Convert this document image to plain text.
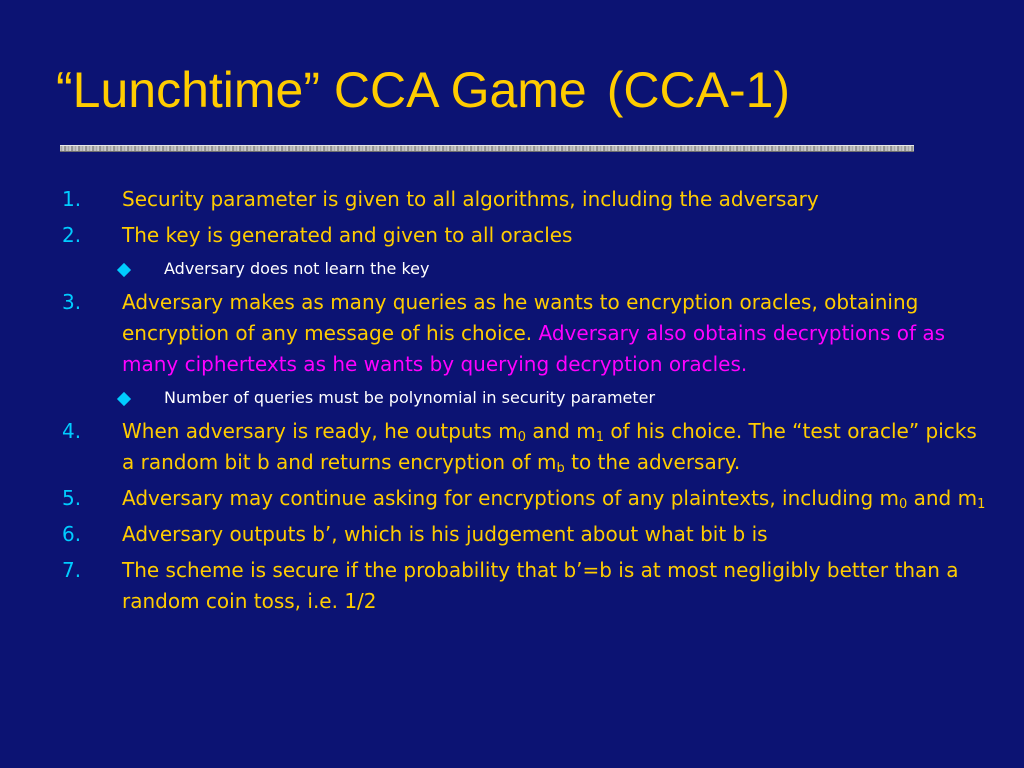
“Lunchtime” CCA Game (CCA-1)
1. Security parameter is given to all algorithms, including the adversary
2. The key is generated and given to all oracles
Adversary does not learn the key
3. Adversary makes as many queries as he wants to encryption oracles, obtaining encryption of any message of his choice. Adversary also obtains decryptions of as many ciphertexts as he wants by querying decryption oracles.
Number of queries must be polynomial in security parameter
4. When adversary is ready, he outputs $m_0$ and $m_1$ of his choice. The “test oracle” picks a random bit b and returns encryption of $m_b$ to the adversary.
5. Adversary may continue asking for encryptions of any plaintexts, including $m_0$ and $m_1$
6. Adversary outputs b’, which is his judgement about what bit b is
7. The scheme is secure if the probability that b’=b is at most negligibly better than a random coin toss, i.e. 1/2
